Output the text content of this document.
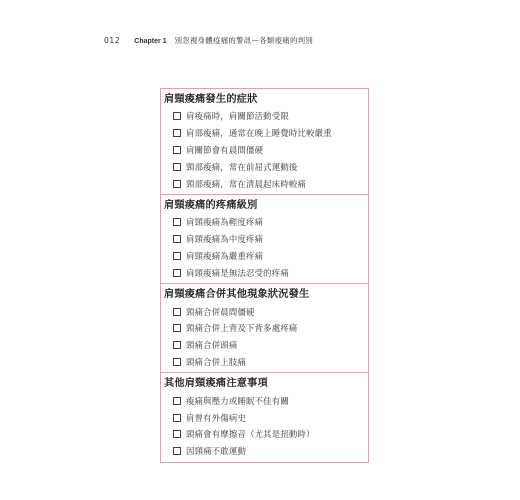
012 Chapter 1 別忽視身體疫痛的警訊—各類痠痛的判別
肩頸痠痛發生的症狀
肩痠痛時，肩關節活動受限
肩部痠痛，通常在晚上睡覺時比較嚴重
肩關節會有晨間僵硬
頸部痠痛，常在前屈式運動後
頸部痠痛，常在清晨起床時較痛
肩頸痠痛的疼痛級別
肩頸痠痛為輕度疼痛
肩頸痠痛為中度疼痛
肩頸痠痛為嚴重疼痛
肩頸痠痛是無法忍受的疼痛
肩頸痠痛合併其他現象狀況發生
頸痛合併晨間僵硬
頸痛合併上背及下背多處疼痛
頸痛合併頭痛
頸痛合併上肢痛
其他肩頸痠痛注意事項
痠痛與壓力或睡眠不佳有關
肩曾有外傷病史
頸痛會有摩擦音（尤其是扭動時）
因頸痛不敢運動
